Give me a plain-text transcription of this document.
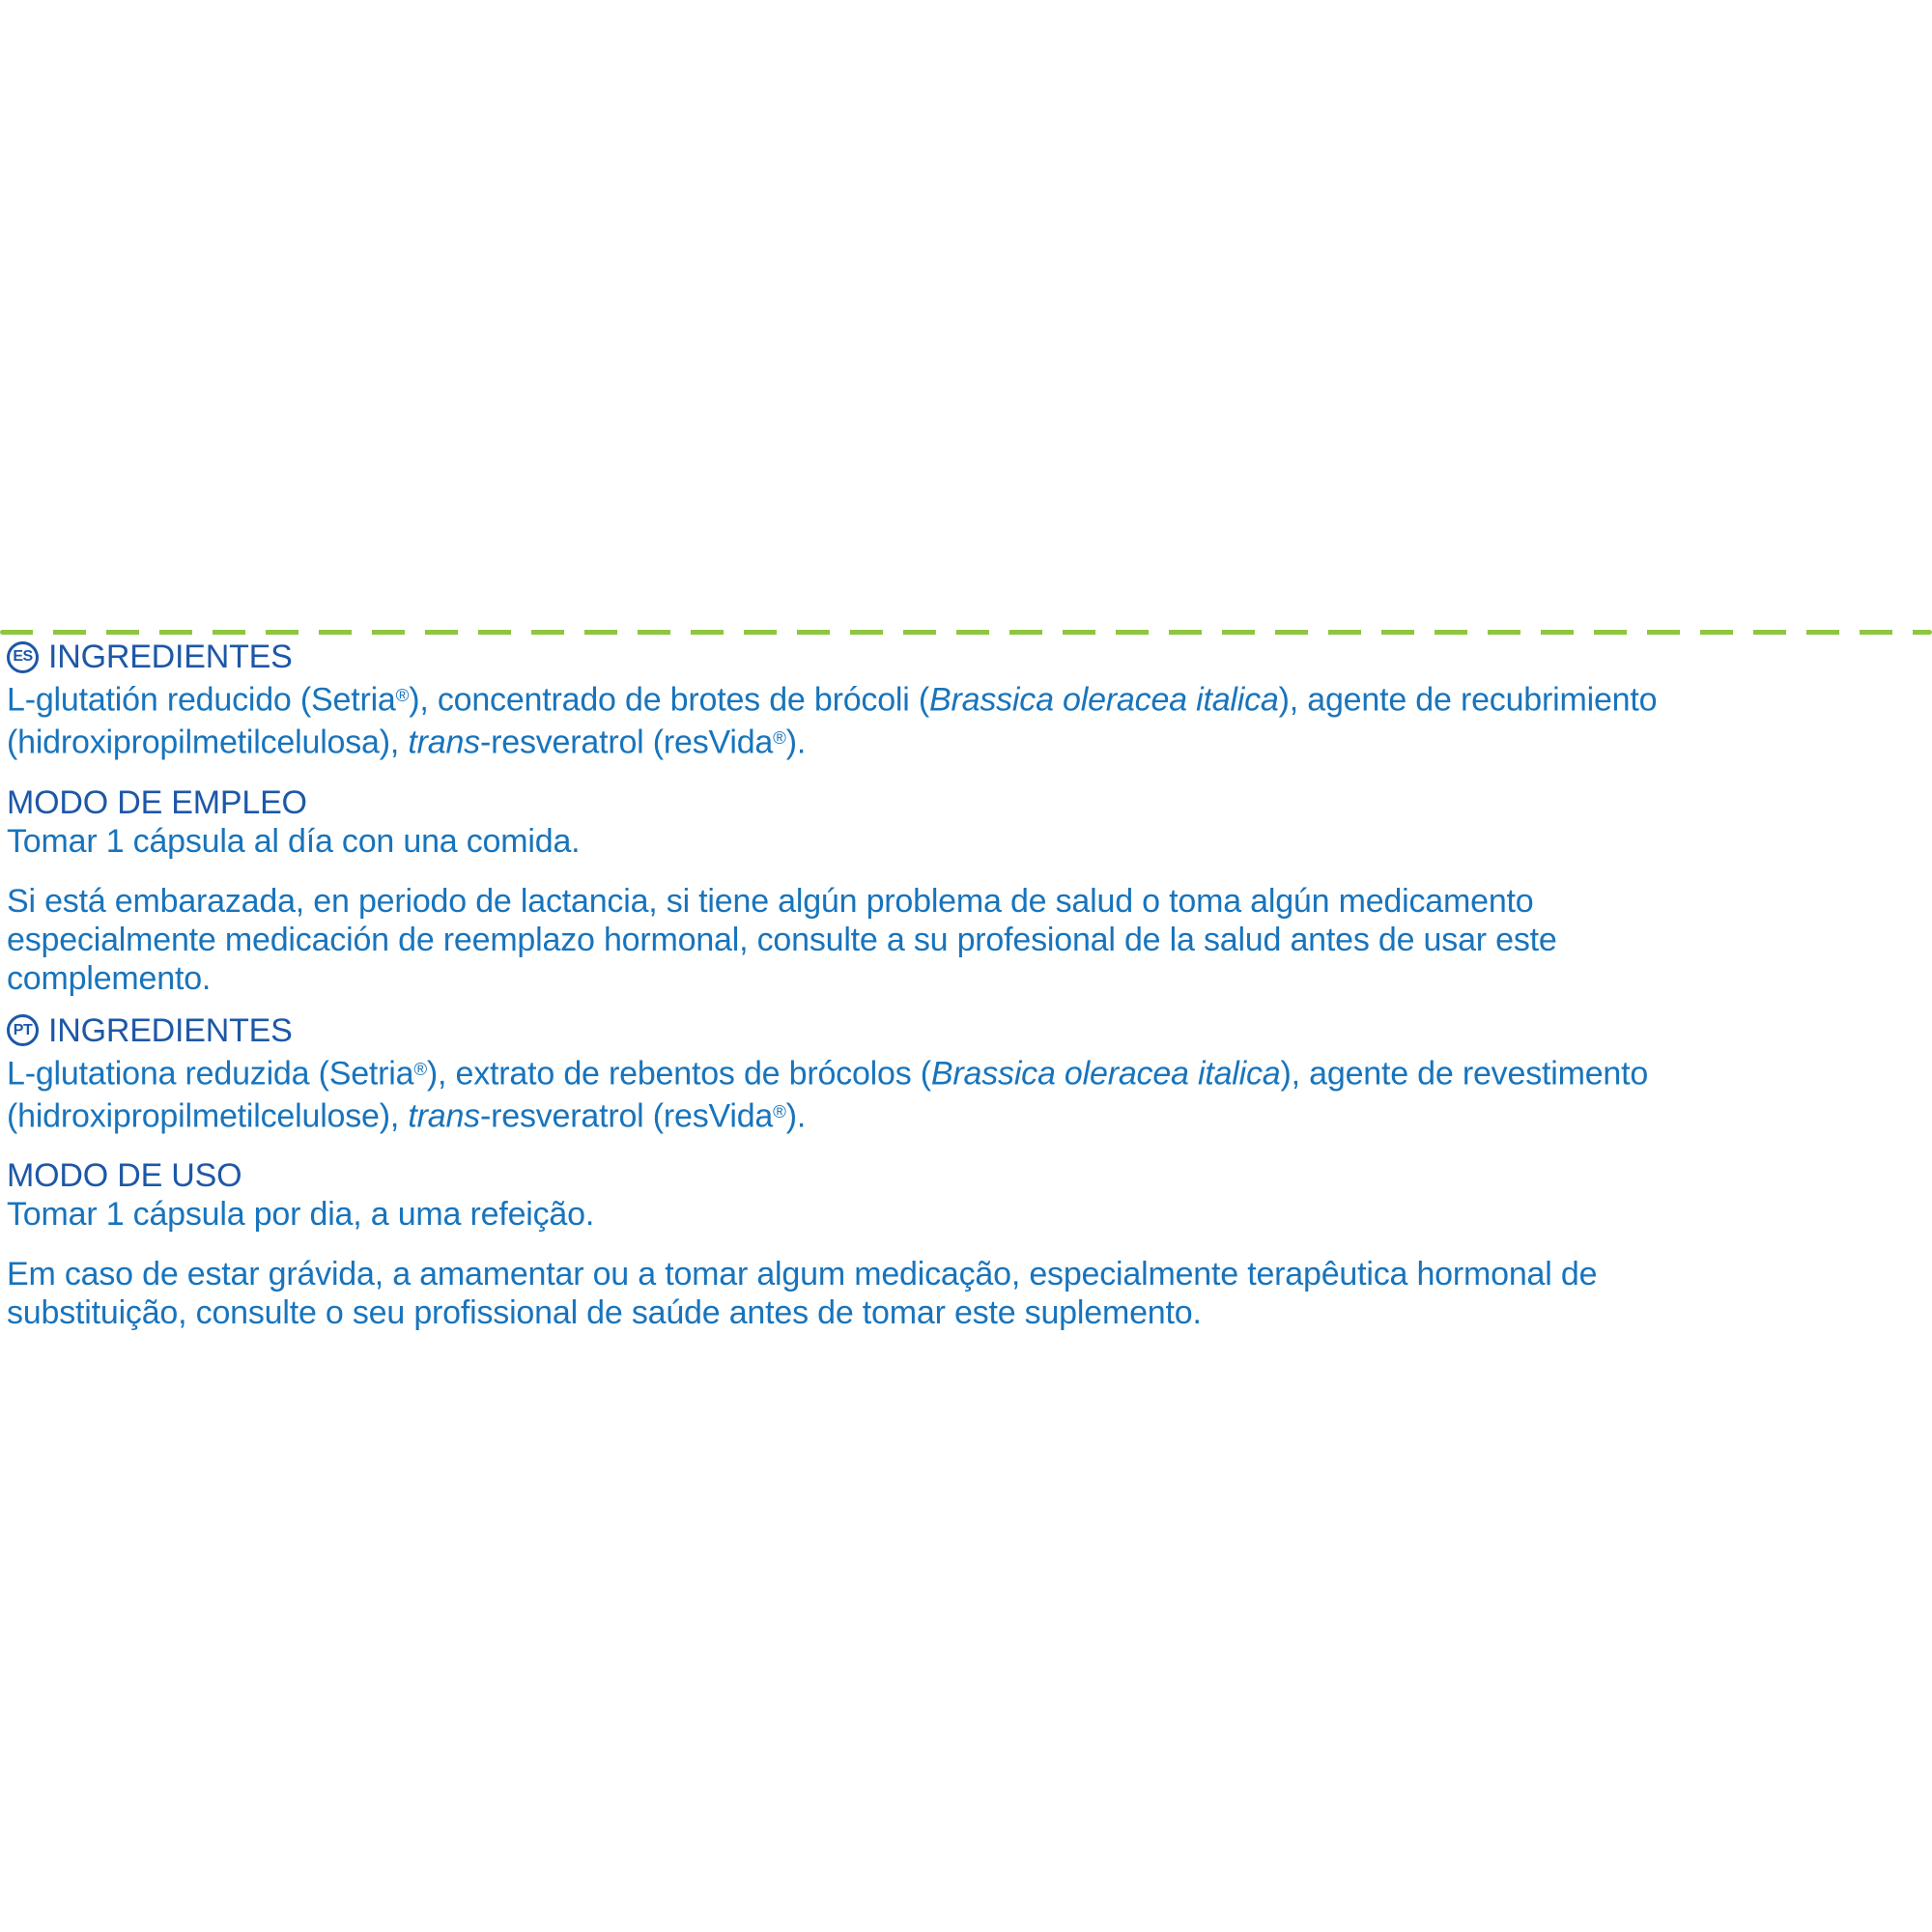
ES INGREDIENTES
L-glutatión reducido (Setria®), concentrado de brotes de brócoli (Brassica oleracea italica), agente de recubrimiento
(hidroxipropilmetilcelulosa), trans-resveratrol (resVida®).
MODO DE EMPLEO
Tomar 1 cápsula al día con una comida.
Si está embarazada, en periodo de lactancia, si tiene algún problema de salud o toma algún medicamento
especialmente medicación de reemplazo hormonal, consulte a su profesional de la salud antes de usar este
complemento.
PT INGREDIENTES
L-glutationa reduzida (Setria®), extrato de rebentos de brócolos (Brassica oleracea italica), agente de revestimento
(hidroxipropilmetilcelulose), trans-resveratrol (resVida®).
MODO DE USO
Tomar 1 cápsula por dia, a uma refeição.
Em caso de estar grávida, a amamentar ou a tomar algum medicação, especialmente terapêutica hormonal de
substituição, consulte o seu profissional de saúde antes de tomar este suplemento.
